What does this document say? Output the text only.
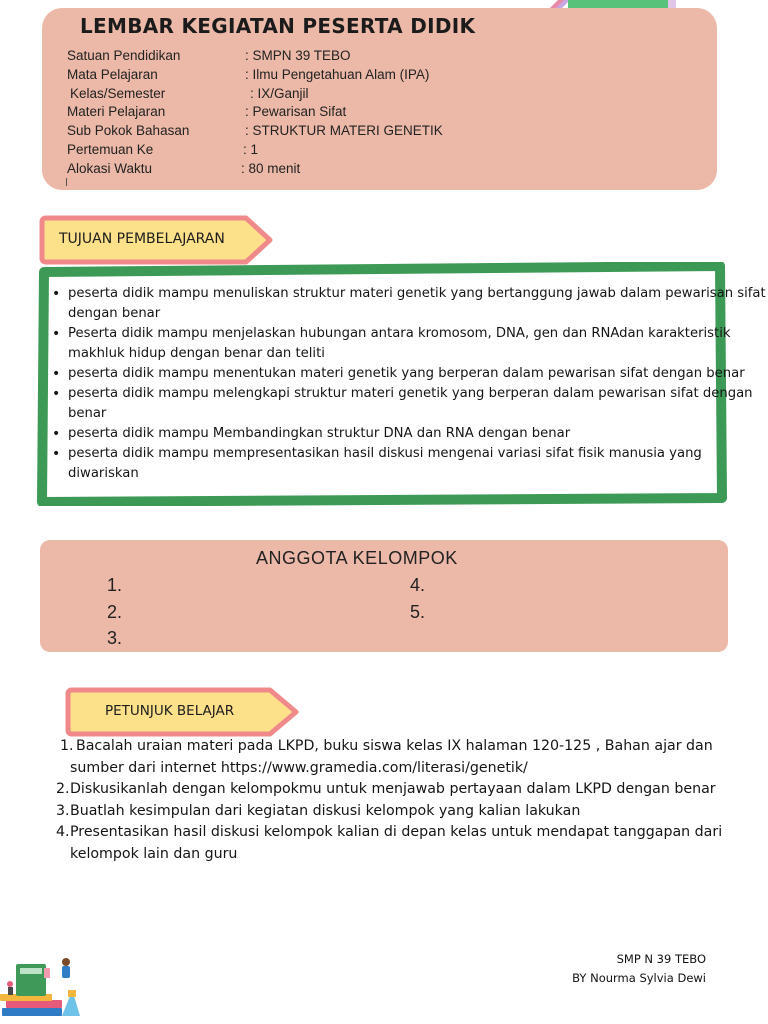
LEMBAR KEGIATAN PESERTA DIDIK
Satuan Pendidikan	: SMPN 39 TEBO
Mata Pelajaran	: Ilmu Pengetahuan Alam (IPA)
Kelas/Semester	: IX/Ganjil
Materi Pelajaran	: Pewarisan Sifat
Sub Pokok Bahasan	: STRUKTUR MATERI GENETIK
Pertemuan Ke	: 1
Alokasi Waktu	: 80 menit
TUJUAN PEMBELAJARAN
• peserta didik mampu menuliskan struktur materi genetik yang bertanggung jawab dalam pewarisan sifat dengan benar
• Peserta didik mampu menjelaskan hubungan antara kromosom, DNA, gen dan RNAdan karakteristik makhluk hidup dengan benar dan teliti
• peserta didik mampu menentukan materi genetik yang berperan dalam pewarisan sifat dengan benar
• peserta didik mampu melengkapi struktur materi genetik yang berperan dalam pewarisan sifat dengan benar
• peserta didik mampu Membandingkan struktur DNA dan RNA dengan benar
• peserta didik mampu mempresentasikan hasil diskusi mengenai variasi sifat fisik manusia yang diwariskan
ANGGOTA KELOMPOK
1.
2.
3.
4.
5.
PETUNJUK BELAJAR
1. Bacalah uraian materi pada LKPD, buku siswa kelas IX halaman 120-125 , Bahan ajar dan sumber dari internet https://www.gramedia.com/literasi/genetik/
2. Diskusikanlah dengan kelompokmu untuk menjawab pertayaan dalam LKPD dengan benar
3. Buatlah kesimpulan dari kegiatan diskusi kelompok yang kalian lakukan
4. Presentasikan hasil diskusi kelompok kalian di depan kelas untuk mendapat tanggapan dari kelompok lain dan guru
SMP N 39 TEBO
BY Nourma Sylvia Dewi
